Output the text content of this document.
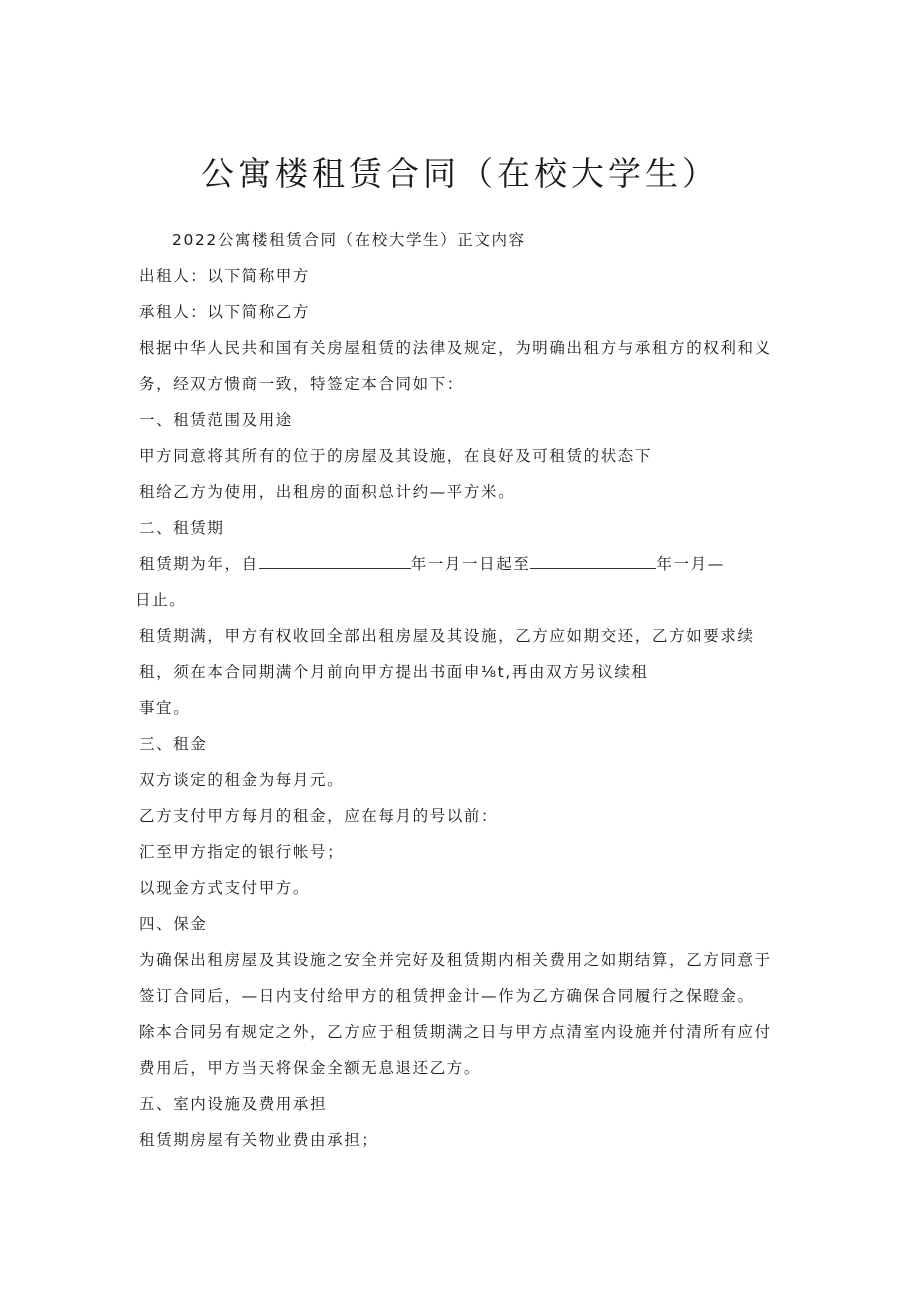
公寓楼租赁合同（在校大学生）
2022公寓楼租赁合同（在校大学生）正文内容
出租人：以下简称甲方
承租人：以下简称乙方
根据中华人民共和国有关房屋租赁的法律及规定，为明确出租方与承租方的权利和义
务，经双方愦商一致，特签定本合同如下：
一、租赁范围及用途
甲方同意将其所有的位于的房屋及其设施，在良好及可租赁的状态下
租给乙方为使用，出租房的面积总计约—平方米。
二、租赁期
租赁期为年，自	年一月一日起至	年一月—
日止。
租赁期满，甲方有权收回全部出租房屋及其设施，乙方应如期交还，乙方如要求续
租，须在本合同期满个月前向甲方提出书面申⅛t,再由双方另议续租
事宜。
三、租金
双方谈定的租金为每月元。
乙方支付甲方每月的租金，应在每月的号以前：
汇至甲方指定的银行帐号；
以现金方式支付甲方。
四、保金
为确保出租房屋及其设施之安全并完好及租赁期内相关费用之如期结算，乙方同意于
签订合同后，—日内支付给甲方的租赁押金计—作为乙方确保合同履行之保瞪金。
除本合同另有规定之外，乙方应于租赁期满之日与甲方点清室内设施并付清所有应付
费用后，甲方当天将保金全额无息退还乙方。
五、室内设施及费用承担
租赁期房屋有关物业费由承担；
